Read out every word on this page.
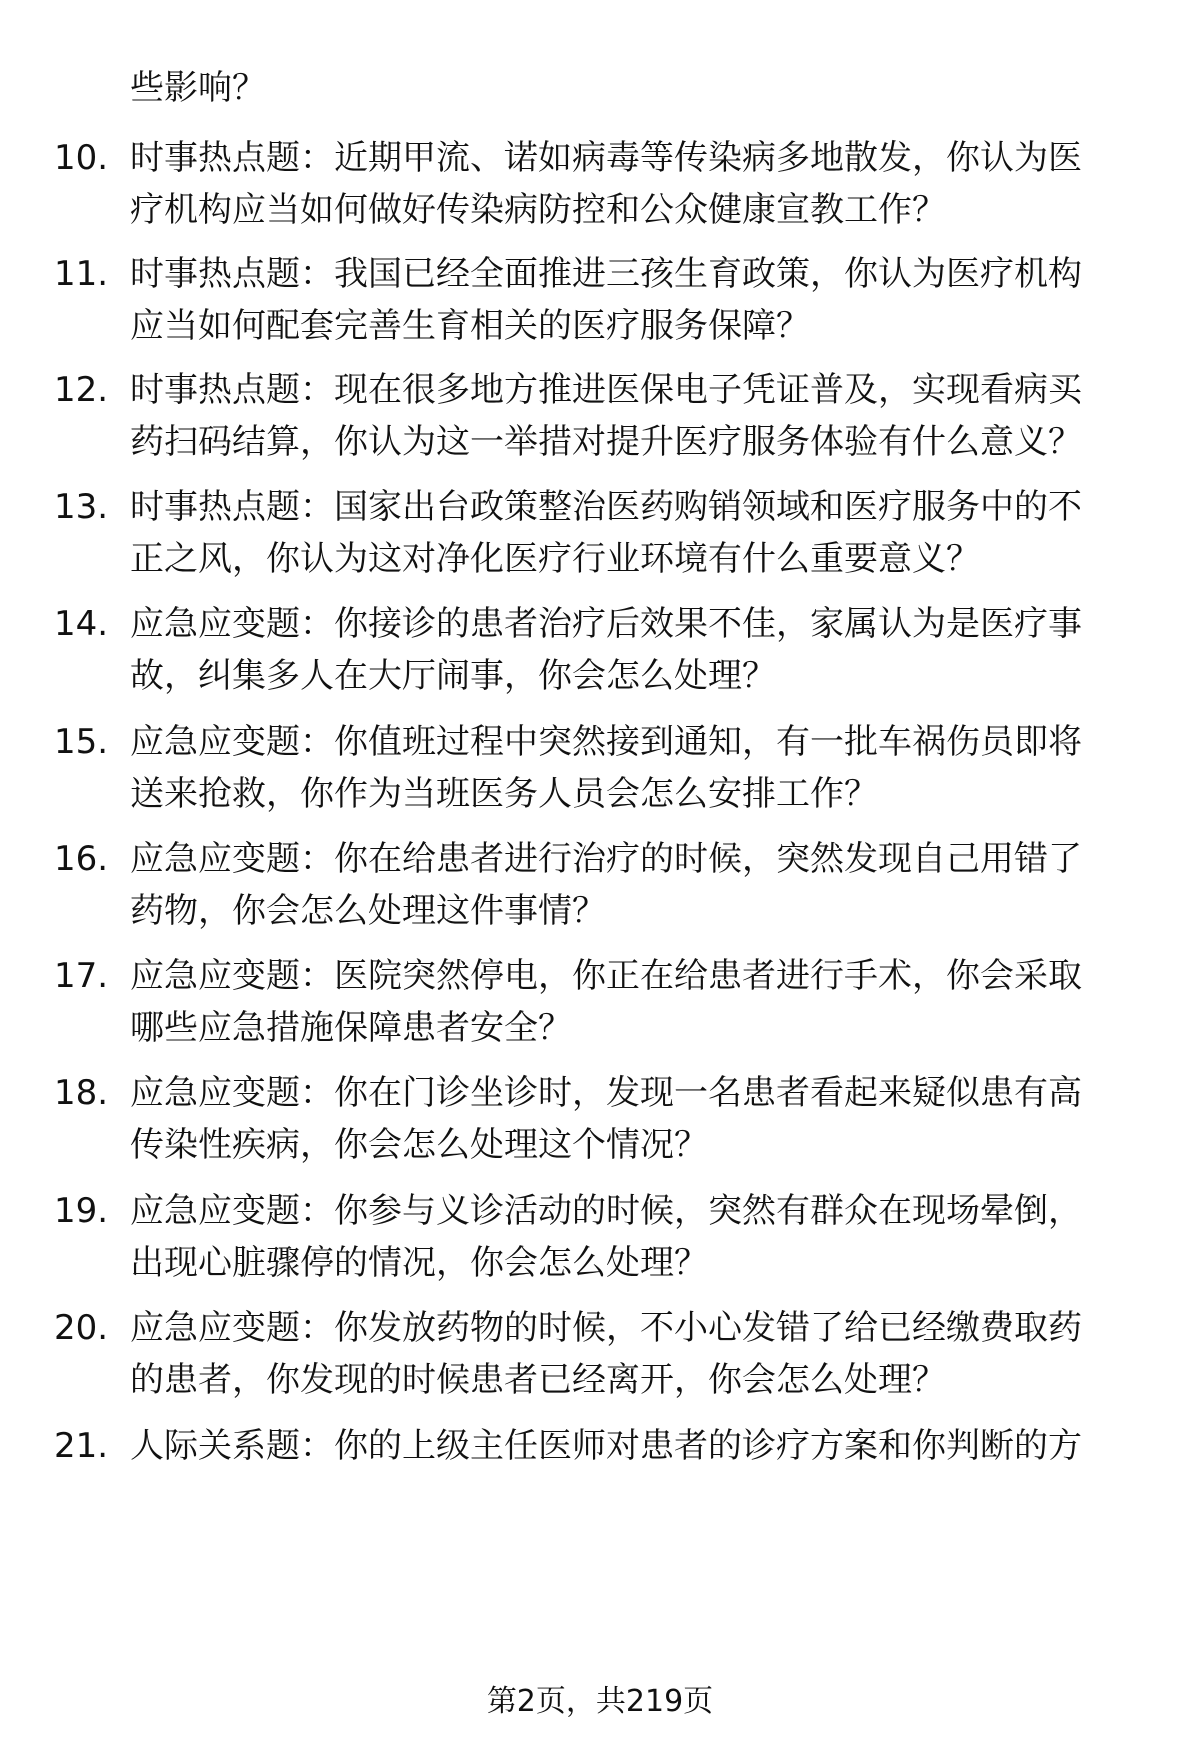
些影响？
10. 时事热点题：近期甲流、诺如病毒等传染病多地散发，你认为医
疗机构应当如何做好传染病防控和公众健康宣教工作？
11. 时事热点题：我国已经全面推进三孩生育政策，你认为医疗机构
应当如何配套完善生育相关的医疗服务保障？
12. 时事热点题：现在很多地方推进医保电子凭证普及，实现看病买
药扫码结算，你认为这一举措对提升医疗服务体验有什么意义？
13. 时事热点题：国家出台政策整治医药购销领域和医疗服务中的不
正之风，你认为这对净化医疗行业环境有什么重要意义？
14. 应急应变题：你接诊的患者治疗后效果不佳，家属认为是医疗事
故，纠集多人在大厅闹事，你会怎么处理？
15. 应急应变题：你值班过程中突然接到通知，有一批车祸伤员即将
送来抢救，你作为当班医务人员会怎么安排工作？
16. 应急应变题：你在给患者进行治疗的时候，突然发现自己用错了
药物，你会怎么处理这件事情？
17. 应急应变题：医院突然停电，你正在给患者进行手术，你会采取
哪些应急措施保障患者安全？
18. 应急应变题：你在门诊坐诊时，发现一名患者看起来疑似患有高
传染性疾病，你会怎么处理这个情况？
19. 应急应变题：你参与义诊活动的时候，突然有群众在现场晕倒，
出现心脏骤停的情况，你会怎么处理？
20. 应急应变题：你发放药物的时候，不小心发错了给已经缴费取药
的患者，你发现的时候患者已经离开，你会怎么处理？
21. 人际关系题：你的上级主任医师对患者的诊疗方案和你判断的方
第2页，共219页
